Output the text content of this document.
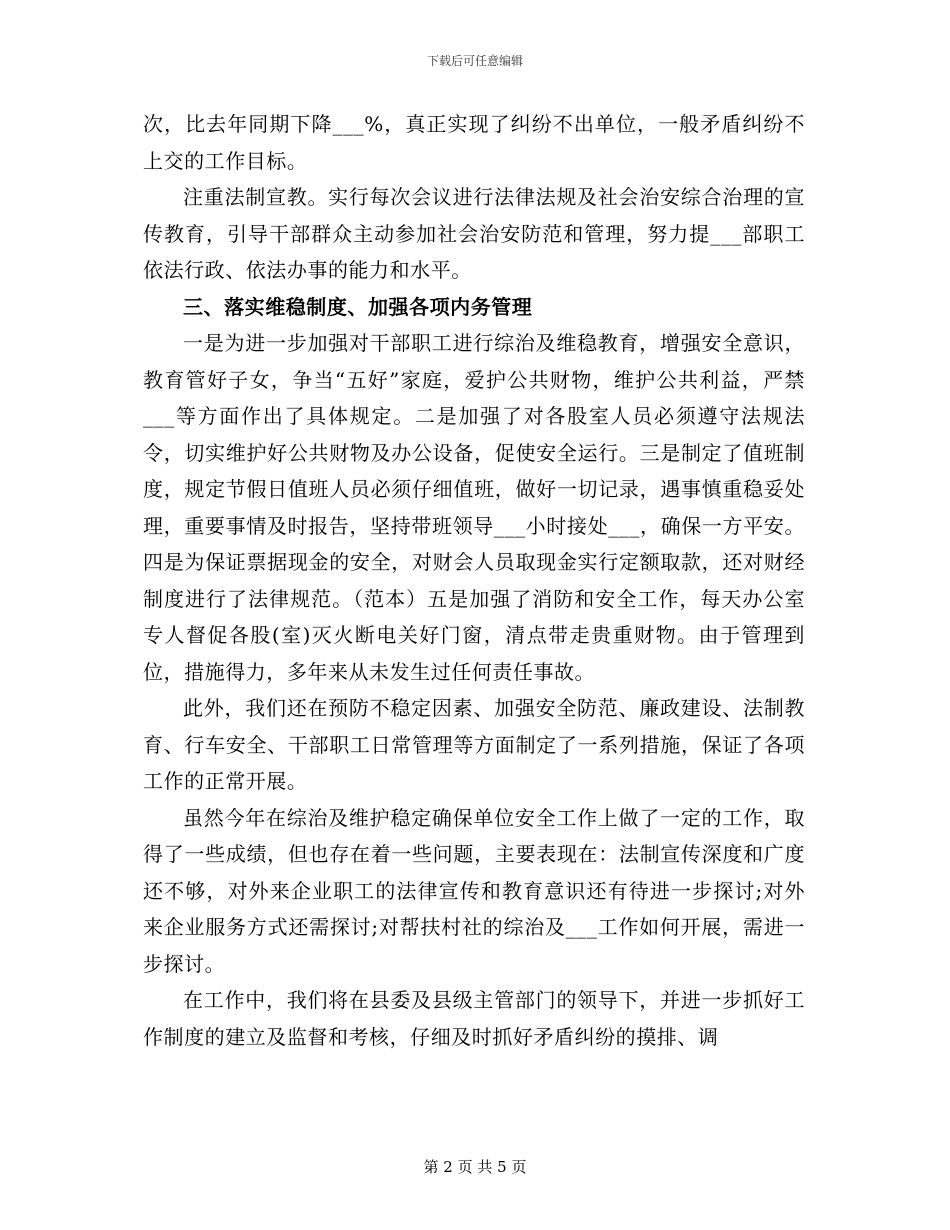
下载后可任意编辑

次，比去年同期下降___%，真正实现了纠纷不出单位，一般矛盾纠纷不上交的工作目标。

注重法制宣教。实行每次会议进行法律法规及社会治安综合治理的宣传教育，引导干部群众主动参加社会治安防范和管理，努力提___部职工依法行政、依法办事的能力和水平。

三、落实维稳制度、加强各项内务管理

一是为进一步加强对干部职工进行综治及维稳教育，增强安全意识，教育管好子女，争当“五好”家庭，爱护公共财物，维护公共利益，严禁___等方面作出了具体规定。二是加强了对各股室人员必须遵守法规法令，切实维护好公共财物及办公设备，促使安全运行。三是制定了值班制度，规定节假日值班人员必须仔细值班，做好一切记录，遇事慎重稳妥处理，重要事情及时报告，坚持带班领导___小时接处___，确保一方平安。四是为保证票据现金的安全，对财会人员取现金实行定额取款，还对财经制度进行了法律规范。（范本）五是加强了消防和安全工作，每天办公室专人督促各股(室)灭火断电关好门窗，清点带走贵重财物。由于管理到位，措施得力，多年来从未发生过任何责任事故。

此外，我们还在预防不稳定因素、加强安全防范、廉政建设、法制教育、行车安全、干部职工日常管理等方面制定了一系列措施，保证了各项工作的正常开展。

虽然今年在综治及维护稳定确保单位安全工作上做了一定的工作，取得了一些成绩，但也存在着一些问题，主要表现在：法制宣传深度和广度还不够，对外来企业职工的法律宣传和教育意识还有待进一步探讨;对外来企业服务方式还需探讨;对帮扶村社的综治及___工作如何开展，需进一步探讨。

在工作中，我们将在县委及县级主管部门的领导下，并进一步抓好工作制度的建立及监督和考核，仔细及时抓好矛盾纠纷的摸排、调

第 2 页 共 5 页
